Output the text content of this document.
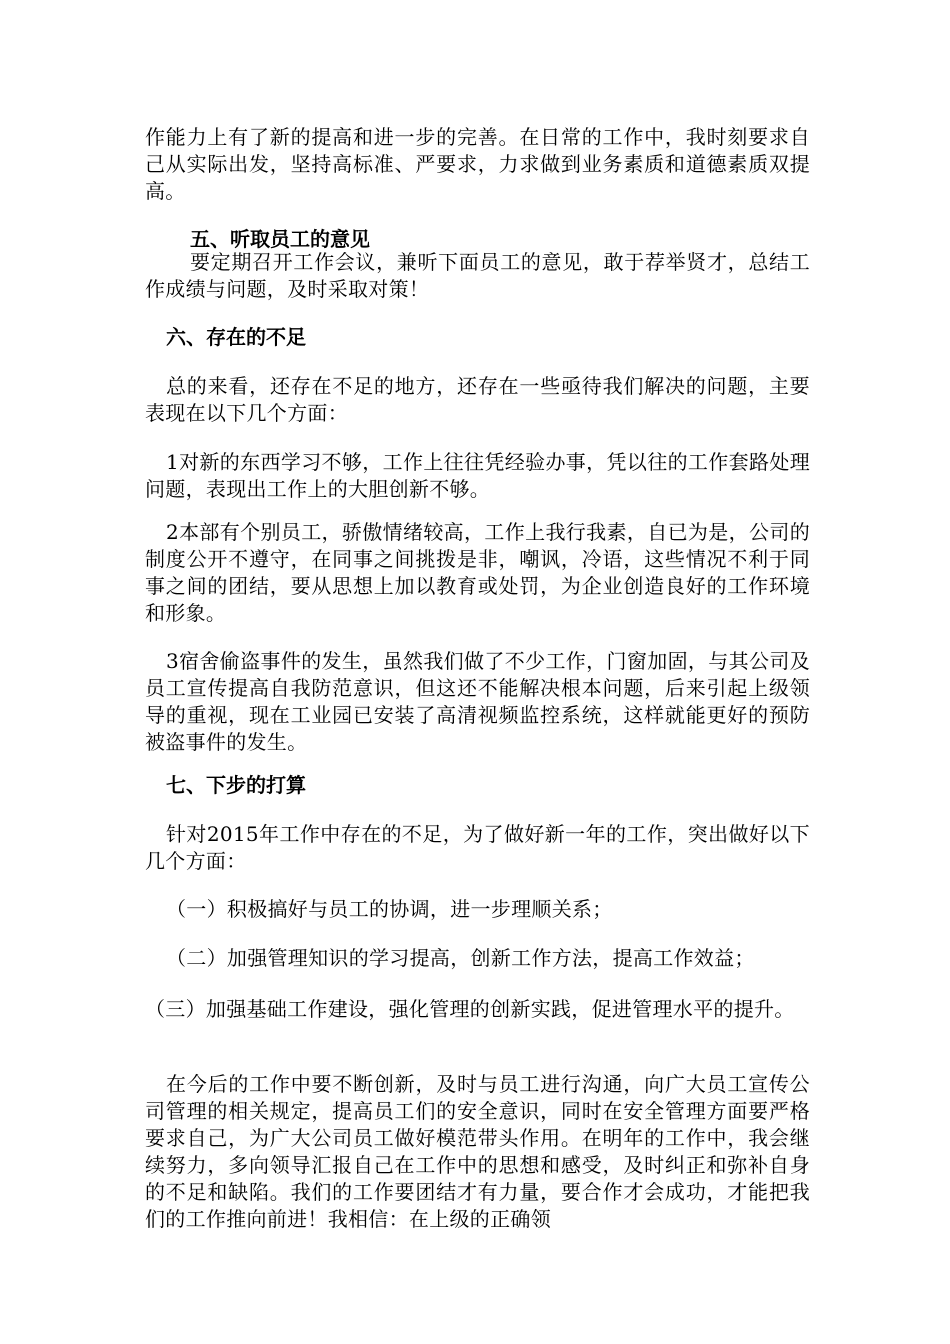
作能力上有了新的提高和进一步的完善。在日常的工作中，我时刻要求自己从实际出发，坚持高标准、严要求，力求做到业务素质和道德素质双提高。

五、听取员工的意见

要定期召开工作会议，兼听下面员工的意见，敢于荐举贤才，总结工作成绩与问题，及时采取对策！

六、存在的不足

总的来看，还存在不足的地方，还存在一些亟待我们解决的问题，主要表现在以下几个方面：

1对新的东西学习不够，工作上往往凭经验办事，凭以往的工作套路处理问题，表现出工作上的大胆创新不够。

2本部有个别员工，骄傲情绪较高，工作上我行我素，自已为是，公司的制度公开不遵守，在同事之间挑拨是非，嘲讽，冷语，这些情况不利于同事之间的团结，要从思想上加以教育或处罚，为企业创造良好的工作环境和形象。

3宿舍偷盗事件的发生，虽然我们做了不少工作，门窗加固，与其公司及员工宣传提高自我防范意识，但这还不能解决根本问题，后来引起上级领导的重视，现在工业园已安装了高清视频监控系统，这样就能更好的预防被盗事件的发生。

七、下步的打算

针对2015年工作中存在的不足，为了做好新一年的工作，突出做好以下几个方面：

（一）积极搞好与员工的协调，进一步理顺关系；

（二）加强管理知识的学习提高，创新工作方法，提高工作效益；

（三）加强基础工作建设，强化管理的创新实践，促进管理水平的提升。

在今后的工作中要不断创新，及时与员工进行沟通，向广大员工宣传公司管理的相关规定，提高员工们的安全意识，同时在安全管理方面要严格要求自己，为广大公司员工做好模范带头作用。在明年的工作中，我会继续努力，多向领导汇报自己在工作中的思想和感受，及时纠正和弥补自身的不足和缺陷。我们的工作要团结才有力量，要合作才会成功，才能把我们的工作推向前进！我相信：在上级的正确领
